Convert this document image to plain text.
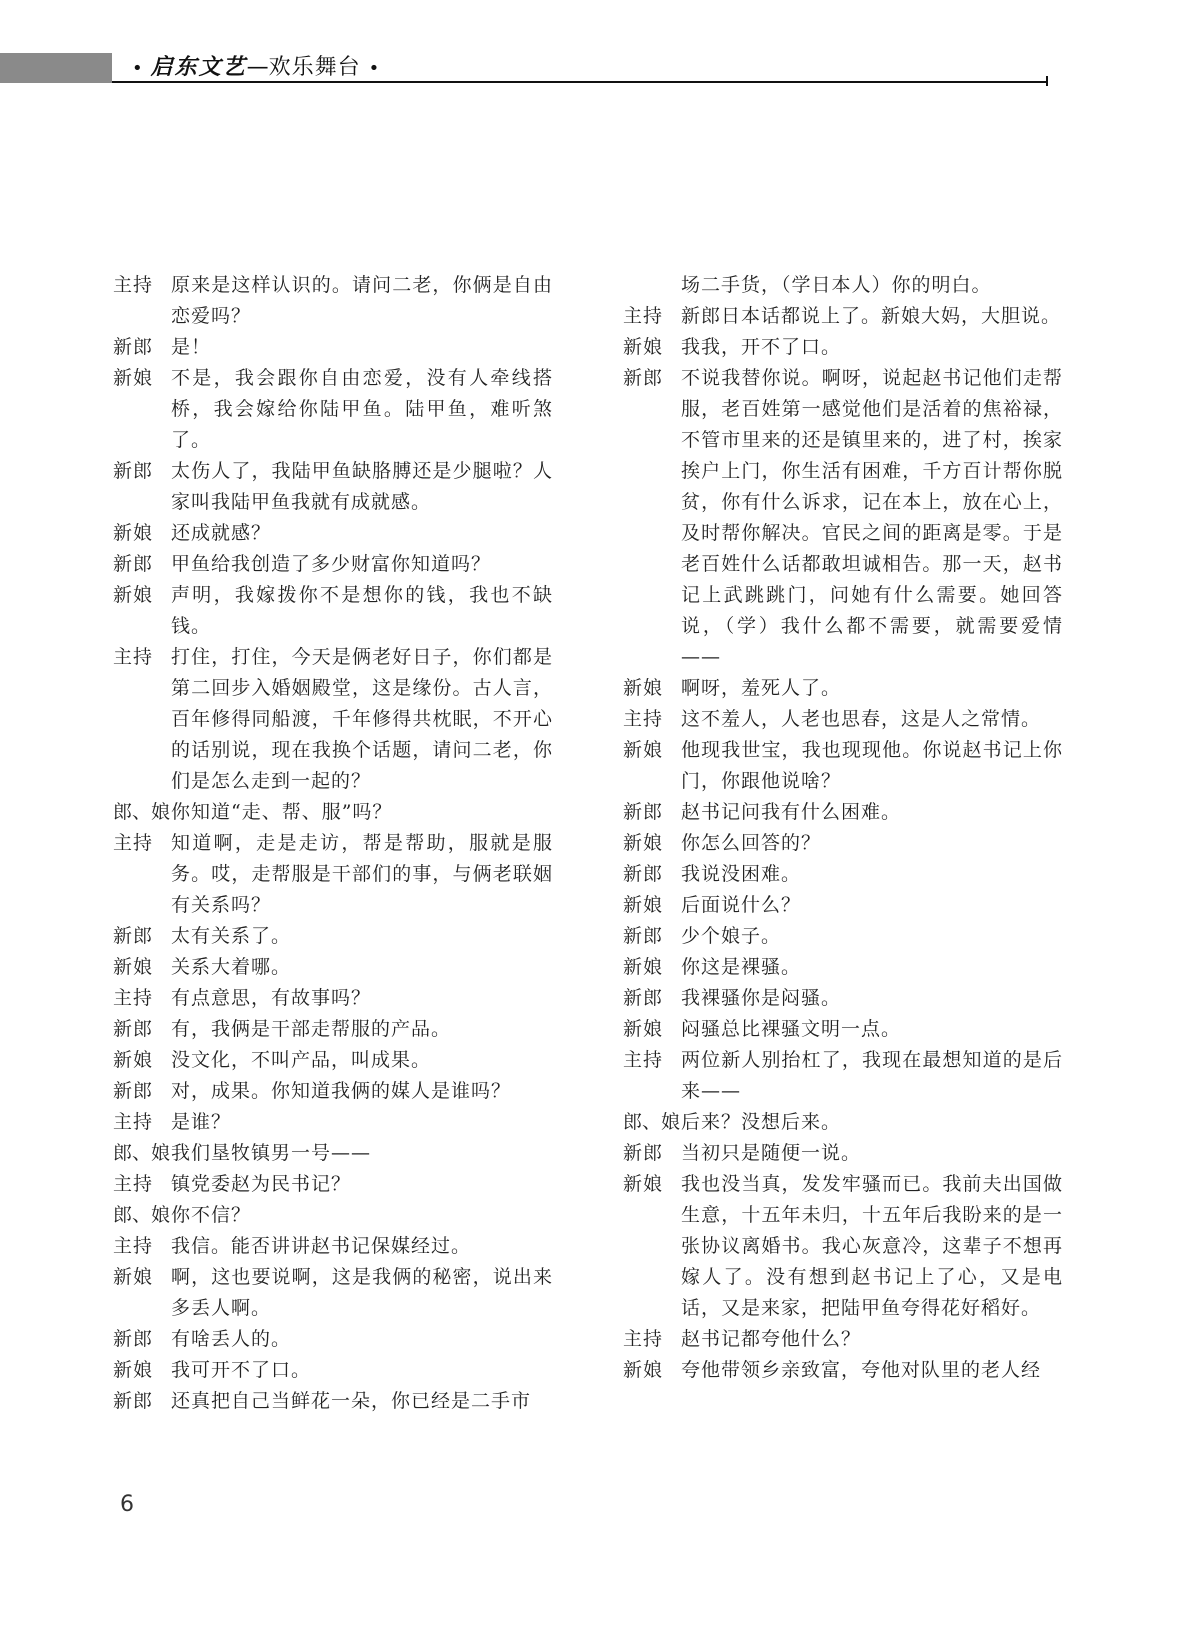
• 启东文艺—欢乐舞台 •
主持 原来是这样认识的。请问二老，你俩是自由恋爱吗？
新郎 是！
新娘 不是，我会跟你自由恋爱，没有人牵线搭桥，我会嫁给你陆甲鱼。陆甲鱼，难听煞了。
新郎 太伤人了，我陆甲鱼缺胳膊还是少腿啦？人家叫我陆甲鱼我就有成就感。
新娘 还成就感？
新郎 甲鱼给我创造了多少财富你知道吗？
新娘 声明，我嫁拨你不是想你的钱，我也不缺钱。
主持 打住，打住，今天是俩老好日子，你们都是第二回步入婚姻殿堂，这是缘份。古人言，百年修得同船渡，千年修得共枕眠，不开心的话别说，现在我换个话题，请问二老，你们是怎么走到一起的？
郎、娘 你知道“走、帮、服”吗？
主持 知道啊，走是走访，帮是帮助，服就是服务。哎，走帮服是干部们的事，与俩老联姻有关系吗？
新郎 太有关系了。
新娘 关系大着哪。
主持 有点意思，有故事吗？
新郎 有，我俩是干部走帮服的产品。
新娘 没文化，不叫产品，叫成果。
新郎 对，成果。你知道我俩的媒人是谁吗？
主持 是谁？
郎、娘 我们垦牧镇男一号——
主持 镇党委赵为民书记？
郎、娘 你不信？
主持 我信。能否讲讲赵书记保媒经过。
新娘 啊，这也要说啊，这是我俩的秘密，说出来多丢人啊。
新郎 有啥丢人的。
新娘 我可开不了口。
新郎 还真把自己当鲜花一朵，你已经是二手市
场二手货，（学日本人）你的明白。
主持 新郎日本话都说上了。新娘大妈，大胆说。
新娘 我我，开不了口。
新郎 不说我替你说。啊呀，说起赵书记他们走帮服，老百姓第一感觉他们是活着的焦裕禄，不管市里来的还是镇里来的，进了村，挨家挨户上门，你生活有困难，千方百计帮你脱贫，你有什么诉求，记在本上，放在心上，及时帮你解决。官民之间的距离是零。于是老百姓什么话都敢坦诚相告。那一天，赵书记上武跳跳门，问她有什么需要。她回答说，（学）我什么都不需要，就需要爱情——
新娘 啊呀，羞死人了。
主持 这不羞人，人老也思春，这是人之常情。
新娘 他现我世宝，我也现现他。你说赵书记上你门，你跟他说啥？
新郎 赵书记问我有什么困难。
新娘 你怎么回答的？
新郎 我说没困难。
新娘 后面说什么？
新郎 少个娘子。
新娘 你这是裸骚。
新郎 我裸骚你是闷骚。
新娘 闷骚总比裸骚文明一点。
主持 两位新人别抬杠了，我现在最想知道的是后来——
郎、娘 后来？没想后来。
新郎 当初只是随便一说。
新娘 我也没当真，发发牢骚而已。我前夫出国做生意，十五年未归，十五年后我盼来的是一张协议离婚书。我心灰意冷，这辈子不想再嫁人了。没有想到赵书记上了心，又是电话，又是来家，把陆甲鱼夸得花好稻好。
主持 赵书记都夸他什么？
新娘 夸他带领乡亲致富，夸他对队里的老人经
6
